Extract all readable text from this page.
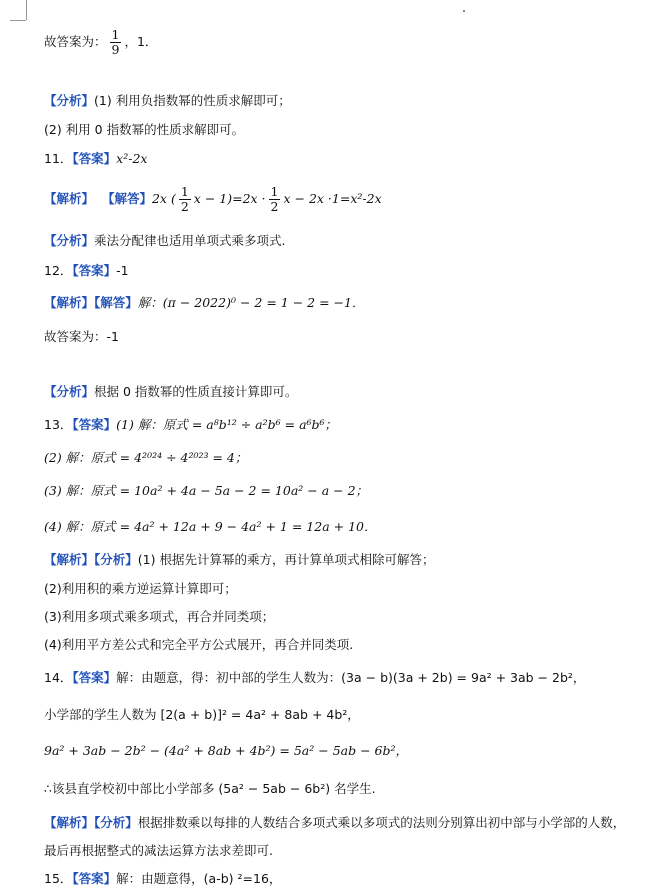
故答案为： $\frac{1}{9}$ ，1．
【分析】(1) 利用负指数幂的性质求解即可；
(2) 利用 0 指数幂的性质求解即可。
11．【答案】x²-2x
【解析】 【解答】2x ( $\frac{1}{2}$ $x - 1)=2x \cdot \frac{1}{2}$ x − 2x ·1=x²-2x
【分析】乘法分配律也适用单项式乘多项式.
12．【答案】-1
【解析】【解答】解：(π − 2022)⁰ − 2 = 1 − 2 = −1．
故答案为：-1
【分析】根据 0 指数幂的性质直接计算即可。
13．【答案】(1) 解：原式 = a⁸b¹² ÷ a²b⁶ = a⁶b⁶；
(2) 解：原式 = 4²⁰²⁴ ÷ 4²⁰²³ = 4；
(3) 解：原式 = 10a² + 4a − 5a − 2 = 10a² − a − 2；
(4) 解：原式 = 4a² + 12a + 9 − 4a² + 1 = 12a + 10．
【解析】【分析】(1) 根据先计算幂的乘方，再计算单项式相除可解答；
(2)利用积的乘方逆运算计算即可；
(3)利用多项式乘多项式，再合并同类项；
(4)利用平方差公式和完全平方公式展开，再合并同类项.
14．【答案】解：由题意，得：初中部的学生人数为：(3a − b)(3a + 2b) = 9a² + 3ab − 2b²，
小学部的学生人数为 [2(a + b)]² = 4a² + 8ab + 4b²，
9a² + 3ab − 2b² − (4a² + 8ab + 4b²) = 5a² − 5ab − 6b²，
∴该县直学校初中部比小学部多 (5a² − 5ab − 6b²) 名学生.
【解析】【分析】根据排数乘以每排的人数结合多项式乘以多项式的法则分别算出初中部与小学部的人数，
最后再根据整式的减法运算方法求差即可.
15．【答案】解：由题意得，(a-b) ²=16，
